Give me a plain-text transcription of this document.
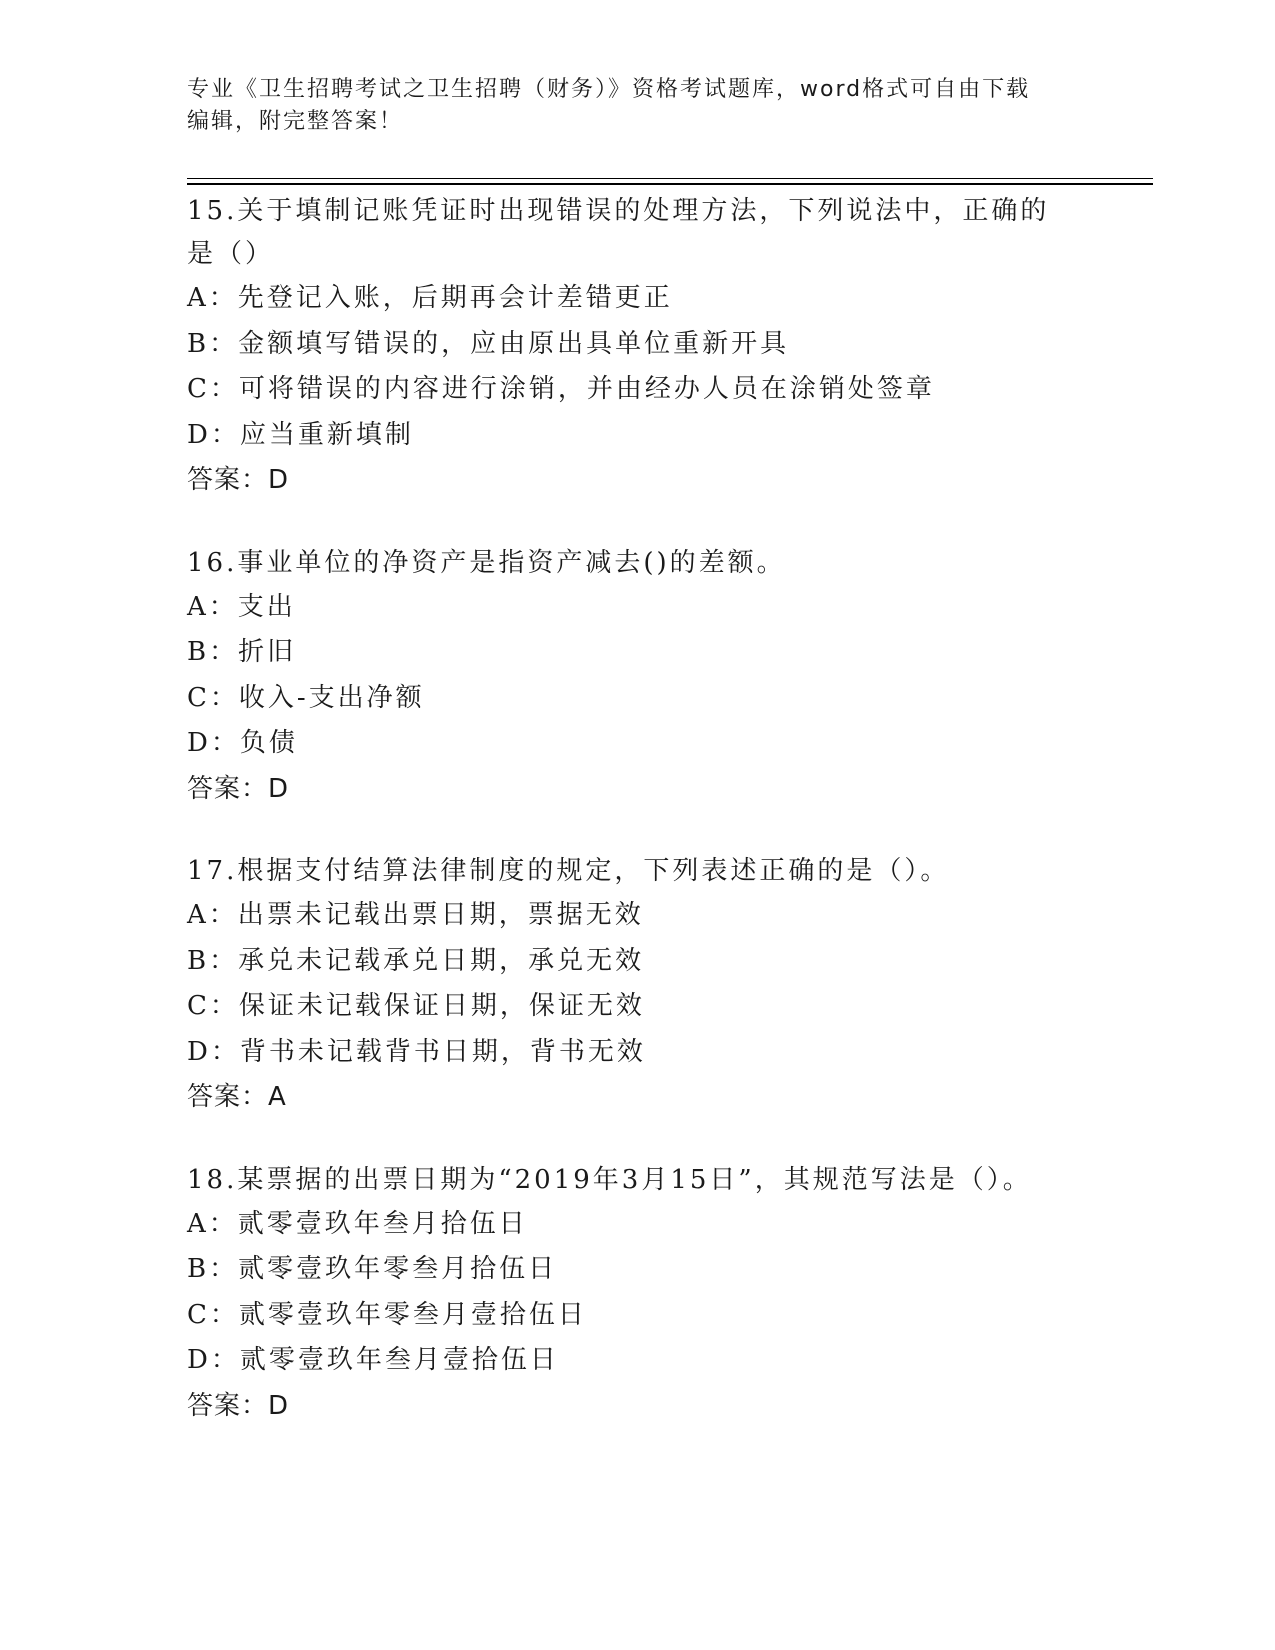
专业《卫生招聘考试之卫生招聘（财务）》资格考试题库，word格式可自由下载
编辑，附完整答案！
15.关于填制记账凭证时出现错误的处理方法，下列说法中，正确的是（）
A：先登记入账，后期再会计差错更正
B：金额填写错误的，应由原出具单位重新开具
C：可将错误的内容进行涂销，并由经办人员在涂销处签章
D：应当重新填制
答案：D
16.事业单位的净资产是指资产减去()的差额。
A：支出
B：折旧
C：收入-支出净额
D：负债
答案：D
17.根据支付结算法律制度的规定，下列表述正确的是（）。
A：出票未记载出票日期，票据无效
B：承兑未记载承兑日期，承兑无效
C：保证未记载保证日期，保证无效
D：背书未记载背书日期，背书无效
答案：A
18.某票据的出票日期为“2019年3月15日”，其规范写法是（）。
A：贰零壹玖年叁月拾伍日
B：贰零壹玖年零叁月拾伍日
C：贰零壹玖年零叁月壹拾伍日
D：贰零壹玖年叁月壹拾伍日
答案：D
